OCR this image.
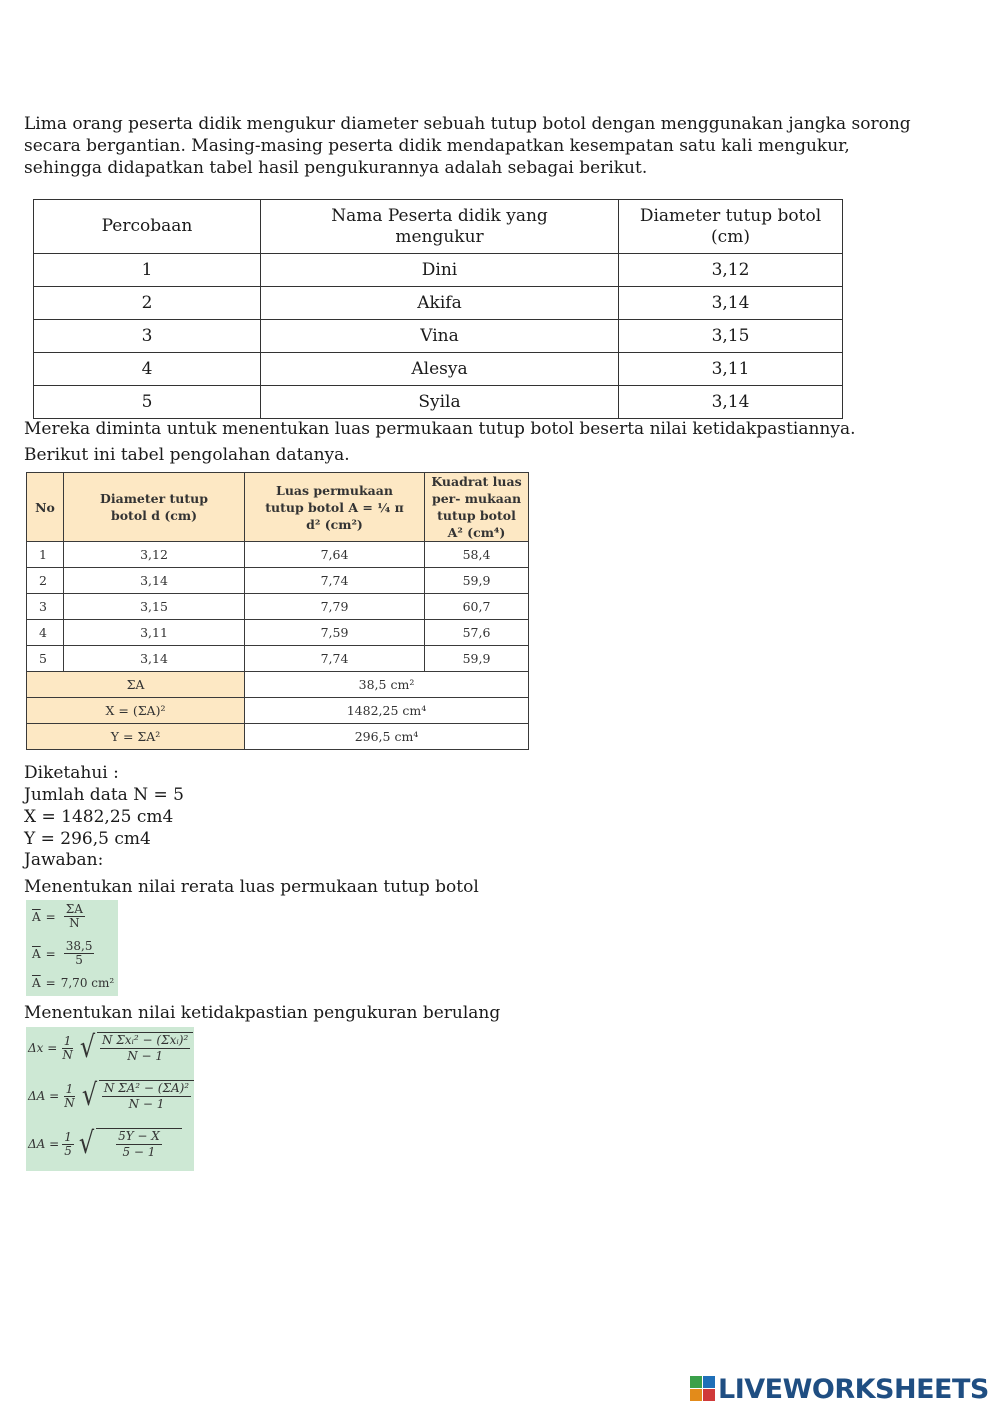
Lima orang peserta didik mengukur diameter sebuah tutup botol dengan menggunakan jangka sorong secara bergantian. Masing-masing peserta didik mendapatkan kesempatan satu kali mengukur, sehingga didapatkan tabel hasil pengukurannya adalah sebagai berikut.

Percobaan	Nama Peserta didik yang mengukur	Diameter tutup botol (cm)
1	Dini	3,12
2	Akifa	3,14
3	Vina	3,15
4	Alesya	3,11
5	Syila	3,14
Mereka diminta untuk menentukan luas permukaan tutup botol beserta nilai ketidakpastiannya.
Berikut ini tabel pengolahan datanya.
No	Diameter tutup botol d (cm)	Luas permukaan tutup botol A = ¼ π d² (cm²)	Kuadrat luas per- mukaan tutup botol A² (cm⁴)
1	3,12	7,64	58,4
2	3,14	7,74	59,9
3	3,15	7,79	60,7
4	3,11	7,59	57,6
5	3,14	7,74	59,9
ΣA		38,5 cm²	
X = (ΣA)²		1482,25 cm⁴	
Y = ΣA²		296,5 cm⁴	
Diketahui :
Jumlah data N = 5
X = 1482,25 cm4
Y = 296,5 cm4
Jawaban:
Menentukan nilai rerata luas permukaan tutup botol
$\overline{A} = \frac{\Sigma A}{N}$
$\overline{A} = \frac{38,5}{5}$
$\overline{A} = 7,70$ cm²
Menentukan nilai ketidakpastian pengukuran berulang
$\Delta x = \frac{1}{N}$ √ N Σxᵢ² − (Σxᵢ)²
N − 1
$\Delta A = \frac{1}{N}$ √ $\frac{\text{N ΣA² − (ΣA)²}}{N - 1}$
$\Delta A = \frac{1}{5}$ √ $\frac{5Y - X}{5 - 1}$
LIVEWORKSHEETS
